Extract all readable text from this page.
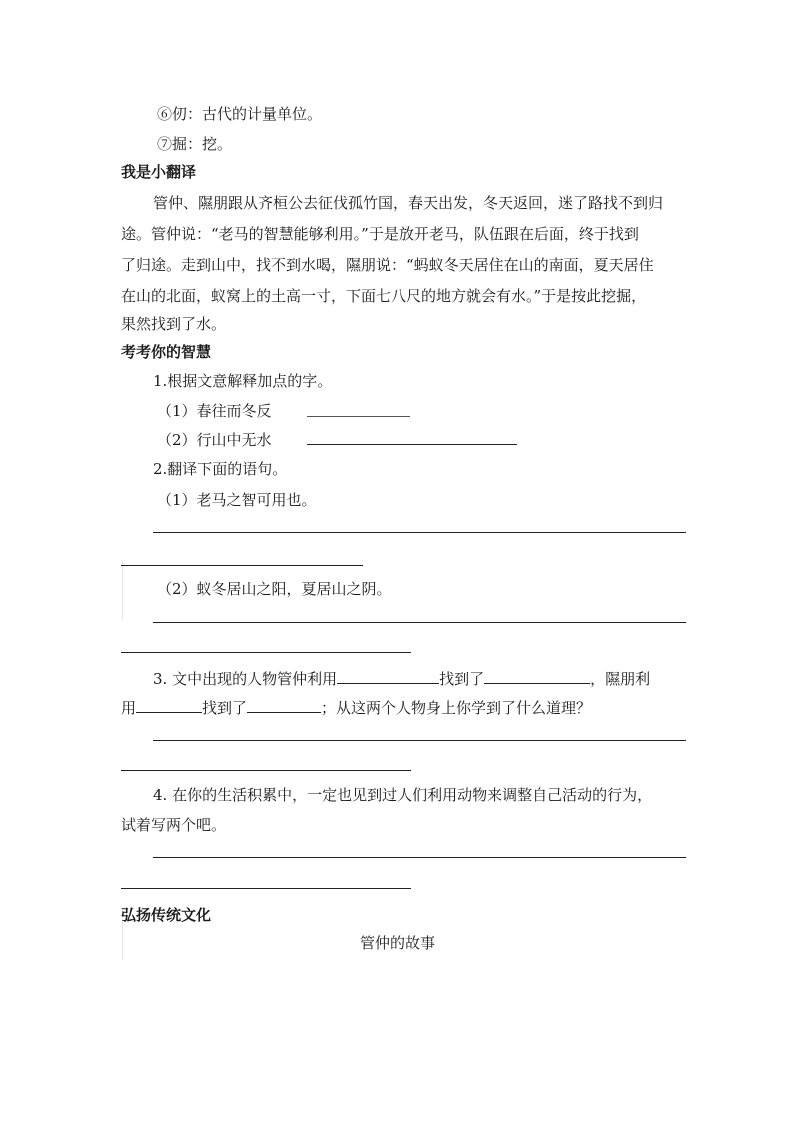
⑥仞：古代的计量单位。
⑦掘：挖。
我是小翻译
管仲、隰朋跟从齐桓公去征伐孤竹国，春天出发，冬天返回，迷了路找不到归
途。管仲说：“老马的智慧能够利用。”于是放开老马，队伍跟在后面，终于找到
了归途。走到山中，找不到水喝，隰朋说：“蚂蚁冬天居住在山的南面，夏天居住
在山的北面，蚁窝上的土高一寸，下面七八尺的地方就会有水。”于是按此挖掘，
果然找到了水。
考考你的智慧
1.根据文意解释加点的字。
（1）春往而冬反
（2）行山中无水
2.翻译下面的语句。
（1）老马之智可用也。
（2）蚁冬居山之阳，夏居山之阴。
3. 文中出现的人物管仲利用	找到了	，隰朋利
用	找到了	；从这两个人物身上你学到了什么道理？
4. 在你的生活积累中，一定也见到过人们利用动物来调整自己活动的行为，
试着写两个吧。
弘扬传统文化
管仲的故事
